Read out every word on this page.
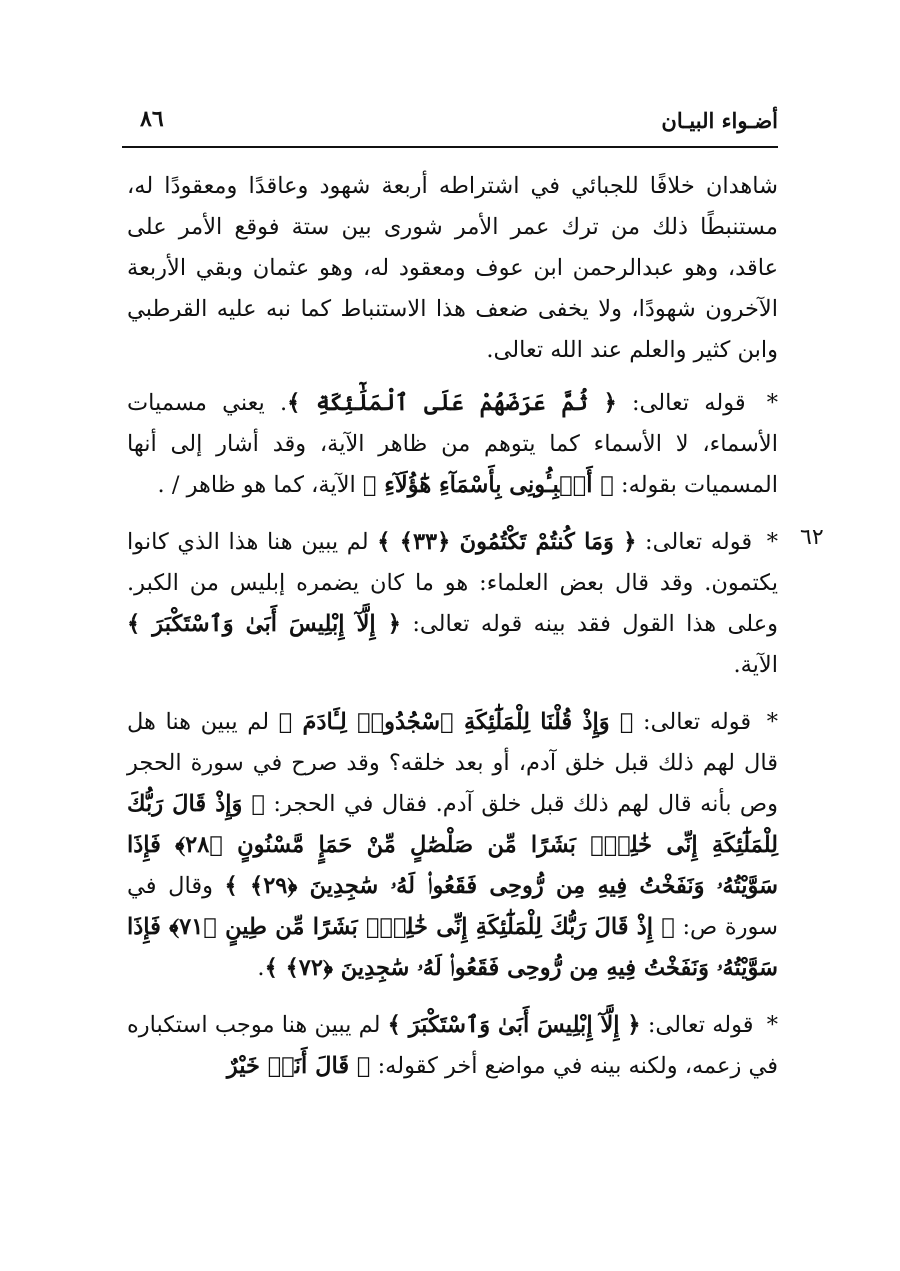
أضـواء البيـان
٨٦
٦٢

شاهدان خلافًا للجبائي في اشتراطه أربعة شهود وعاقدًا ومعقودًا له، مستنبطًا ذلك من ترك عمر الأمر شورى بين ستة فوقع الأمر على عاقد، وهو عبدالرحمن ابن عوف ومعقود له، وهو عثمان وبقي الأربعة الآخرون شهودًا، ولا يخفى ضعف هذا الاستنباط كما نبه عليه القرطبي وابن كثير والعلم عند الله تعالى.

* قوله تعالى: ﴿ ثُمَّ عَرَضَهُمْ عَلَى ٱلْمَلَٰٓئِكَةِ ﴾. يعني مسميات الأسماء، لا الأسماء كما يتوهم من ظاهر الآية، وقد أشار إلى أنها المسميات بقوله: ﴿ أَنۢبِـُٔونِى بِأَسْمَآءِ هَٰٓؤُلَآءِ ﴾ الآية، كما هو ظاهر / .

* قوله تعالى: ﴿ وَمَا كُنتُمْ تَكْتُمُونَ ﴿٣٣﴾ ﴾ لم يبين هنا هذا الذي كانوا يكتمون. وقد قال بعض العلماء: هو ما كان يضمره إبليس من الكبر. وعلى هذا القول فقد بينه قوله تعالى: ﴿ إِلَّآ إِبْلِيسَ أَبَىٰ وَٱسْتَكْبَرَ ﴾ الآية.

* قوله تعالى: ﴿ وَإِذْ قُلْنَا لِلْمَلَٰٓئِكَةِ ٱسْجُدُوا۟ لِـَٔادَمَ ﴾ لم يبين هنا هل قال لهم ذلك قبل خلق آدم، أو بعد خلقه؟ وقد صرح في سورة الحجر وص بأنه قال لهم ذلك قبل خلق آدم. فقال في الحجر: ﴿ وَإِذْ قَالَ رَبُّكَ لِلْمَلَٰٓئِكَةِ إِنِّى خَٰلِقٌۢ بَشَرًا مِّن صَلْصَٰلٍ مِّنْ حَمَإٍ مَّسْنُونٍ ﴿٢٨﴾ فَإِذَا سَوَّيْتُهُۥ وَنَفَخْتُ فِيهِ مِن رُّوحِى فَقَعُوا۟ لَهُۥ سَٰجِدِينَ ﴿٢٩﴾ ﴾ وقال في سورة ص: ﴿ إِذْ قَالَ رَبُّكَ لِلْمَلَٰٓئِكَةِ إِنِّى خَٰلِقٌۢ بَشَرًا مِّن طِينٍ ﴿٧١﴾ فَإِذَا سَوَّيْتُهُۥ وَنَفَخْتُ فِيهِ مِن رُّوحِى فَقَعُوا۟ لَهُۥ سَٰجِدِينَ ﴿٧٢﴾ ﴾.

* قوله تعالى: ﴿ إِلَّآ إِبْلِيسَ أَبَىٰ وَٱسْتَكْبَرَ ﴾ لم يبين هنا موجب استكباره في زعمه، ولكنه بينه في مواضع أخر كقوله: ﴿ قَالَ أَنَا۠ خَيْرٌ
